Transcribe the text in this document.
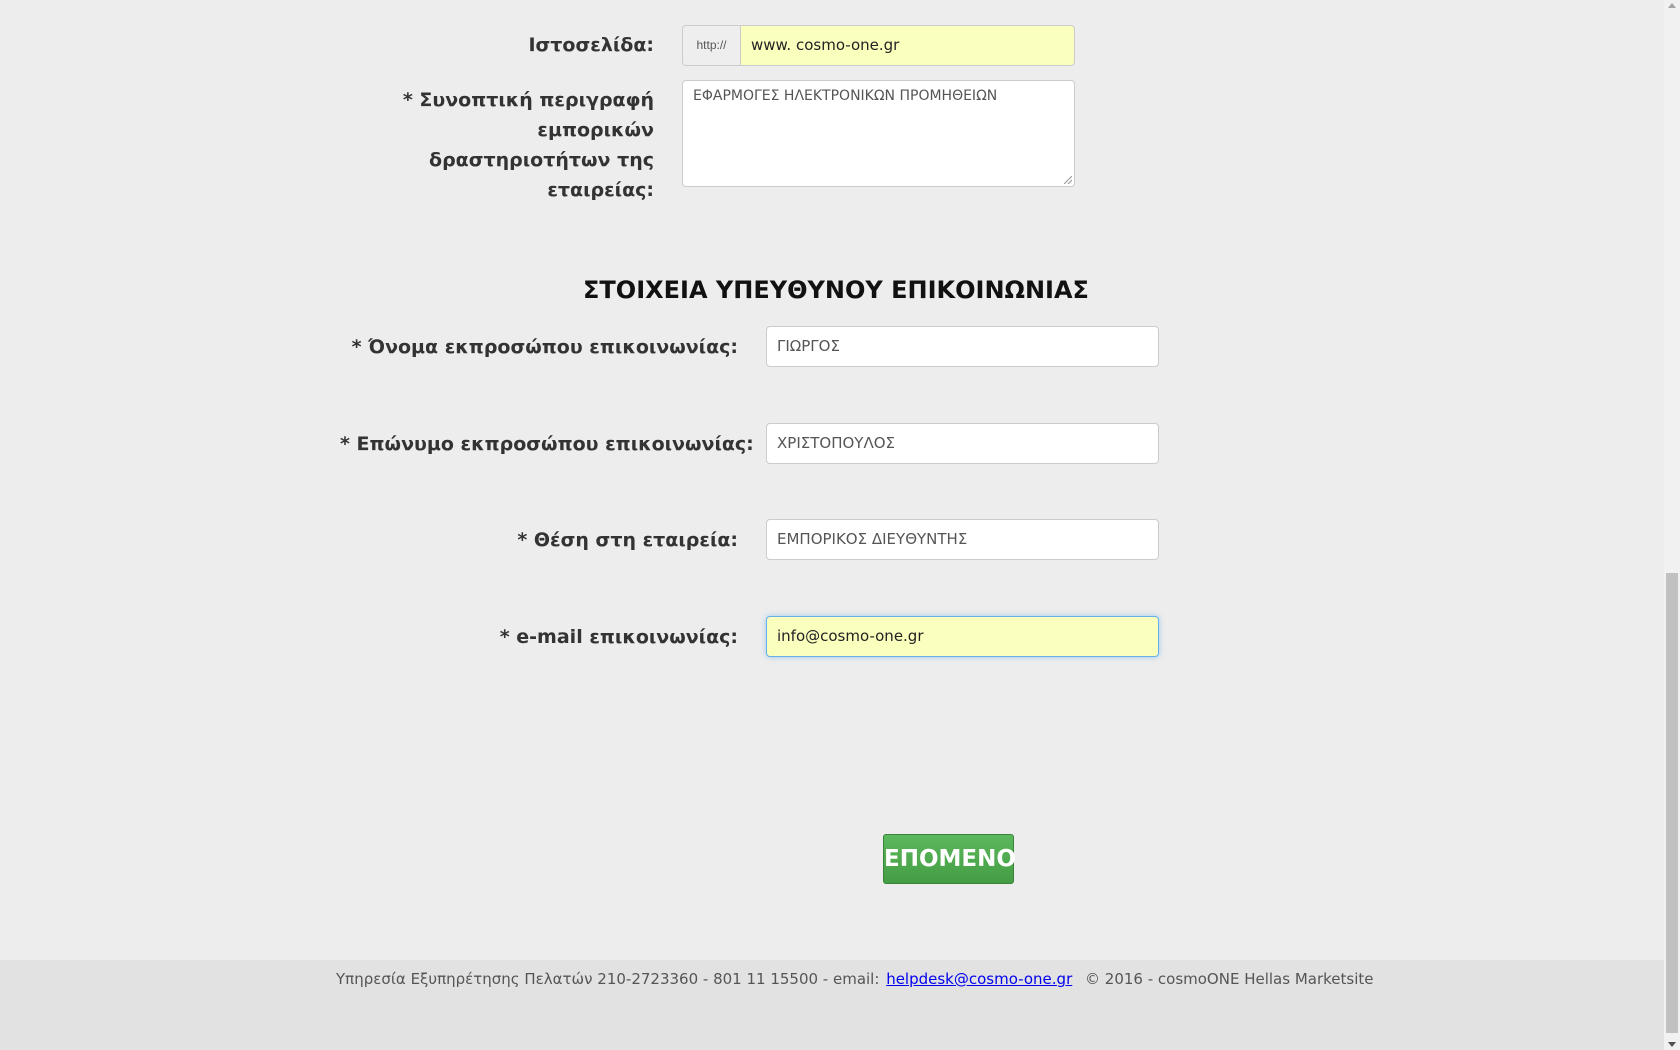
Ιστοσελίδα:	http://	www. cosmo-one.gr
* Συνοπτική περιγραφή εμπορικών δραστηριοτήτων της εταιρείας:
ΕΦΑΡΜΟΓΕΣ ΗΛΕΚΤΡΟΝΙΚΩΝ ΠΡΟΜΗΘΕΙΩΝ
ΣΤΟΙΧΕΙΑ ΥΠΕΥΘΥΝΟΥ ΕΠΙΚΟΙΝΩΝΙΑΣ
* Όνομα εκπροσώπου επικοινωνίας:	ΓΙΩΡΓΟΣ
* Επώνυμο εκπροσώπου επικοινωνίας:	ΧΡΙΣΤΟΠΟΥΛΟΣ
* Θέση στη εταιρεία:	ΕΜΠΟΡΙΚΟΣ ΔΙΕΥΘΥΝΤΗΣ
* e-mail επικοινωνίας:	info@cosmo-one.gr
ΕΠΟΜΕΝΟ
Υπηρεσία Εξυπηρέτησης Πελατών 210-2723360 - 801 11 15500 - email: helpdesk@cosmo-one.gr © 2016 - cosmoONE Hellas Marketsite
